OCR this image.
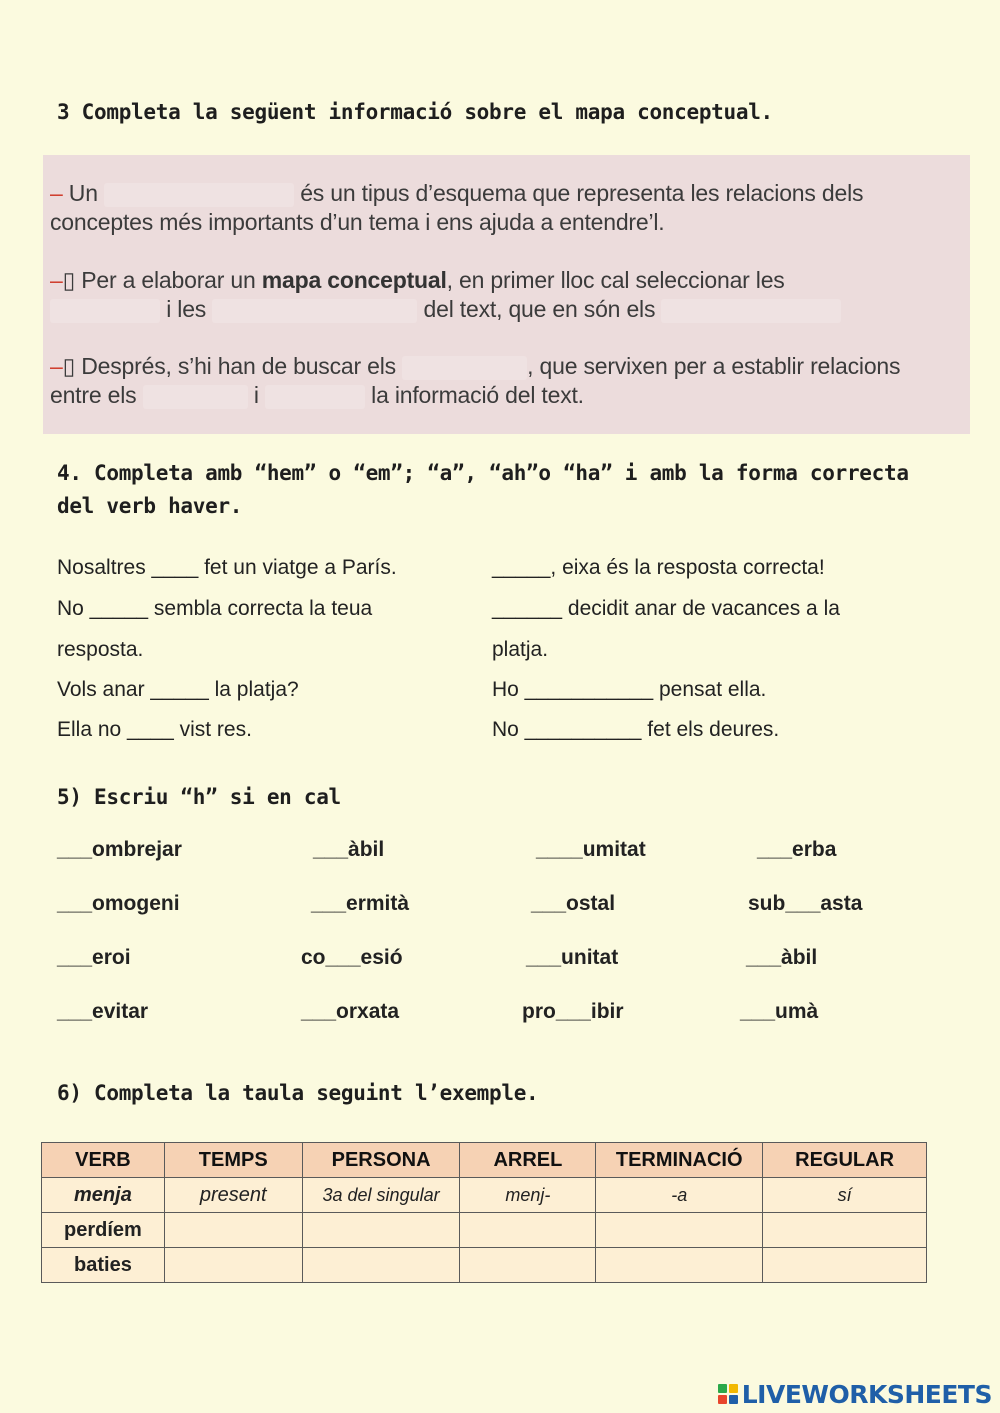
3 Completa la següent informació sobre el mapa conceptual.
– Un	és un tipus d’esquema que representa les relacions dels
conceptes més importants d’un tema i ens ajuda a entendre’l.
–▯ Per a elaborar un mapa conceptual, en primer lloc cal seleccionar les
i les	del text, que en són els
–▯ Després, s’hi han de buscar els	, que servixen per a establir relacions
entre els	i	la informació del text.
4. Completa amb “hem” o “em”; “a”, “ah”o “ha” i amb la forma correcta
del verb haver.
Nosaltres ____ fet un viatge a París.
No _____ sembla correcta la teua
resposta.
Vols anar _____ la platja?
Ella no ____ vist res.
_____, eixa és la resposta correcta!
______ decidit anar de vacances a la
platja.
Ho ___________ pensat ella.
No __________ fet els deures.
5) Escriu “h” si en cal
___ombrejar	___àbil	____umitat	___erba
___omogeni	___ermità	___ostal	sub___asta
___eroi	co___esió	___unitat	___àbil
___evitar	___orxata	pro___ibir	___umà
6) Completa la taula seguint l’exemple.
VERB	TEMPS	PERSONA	ARREL	TERMINACIÓ	REGULAR
menja	present	3a del singular	menj-	-a	sí
perdíem					
baties					
LIVEWORKSHEETS
